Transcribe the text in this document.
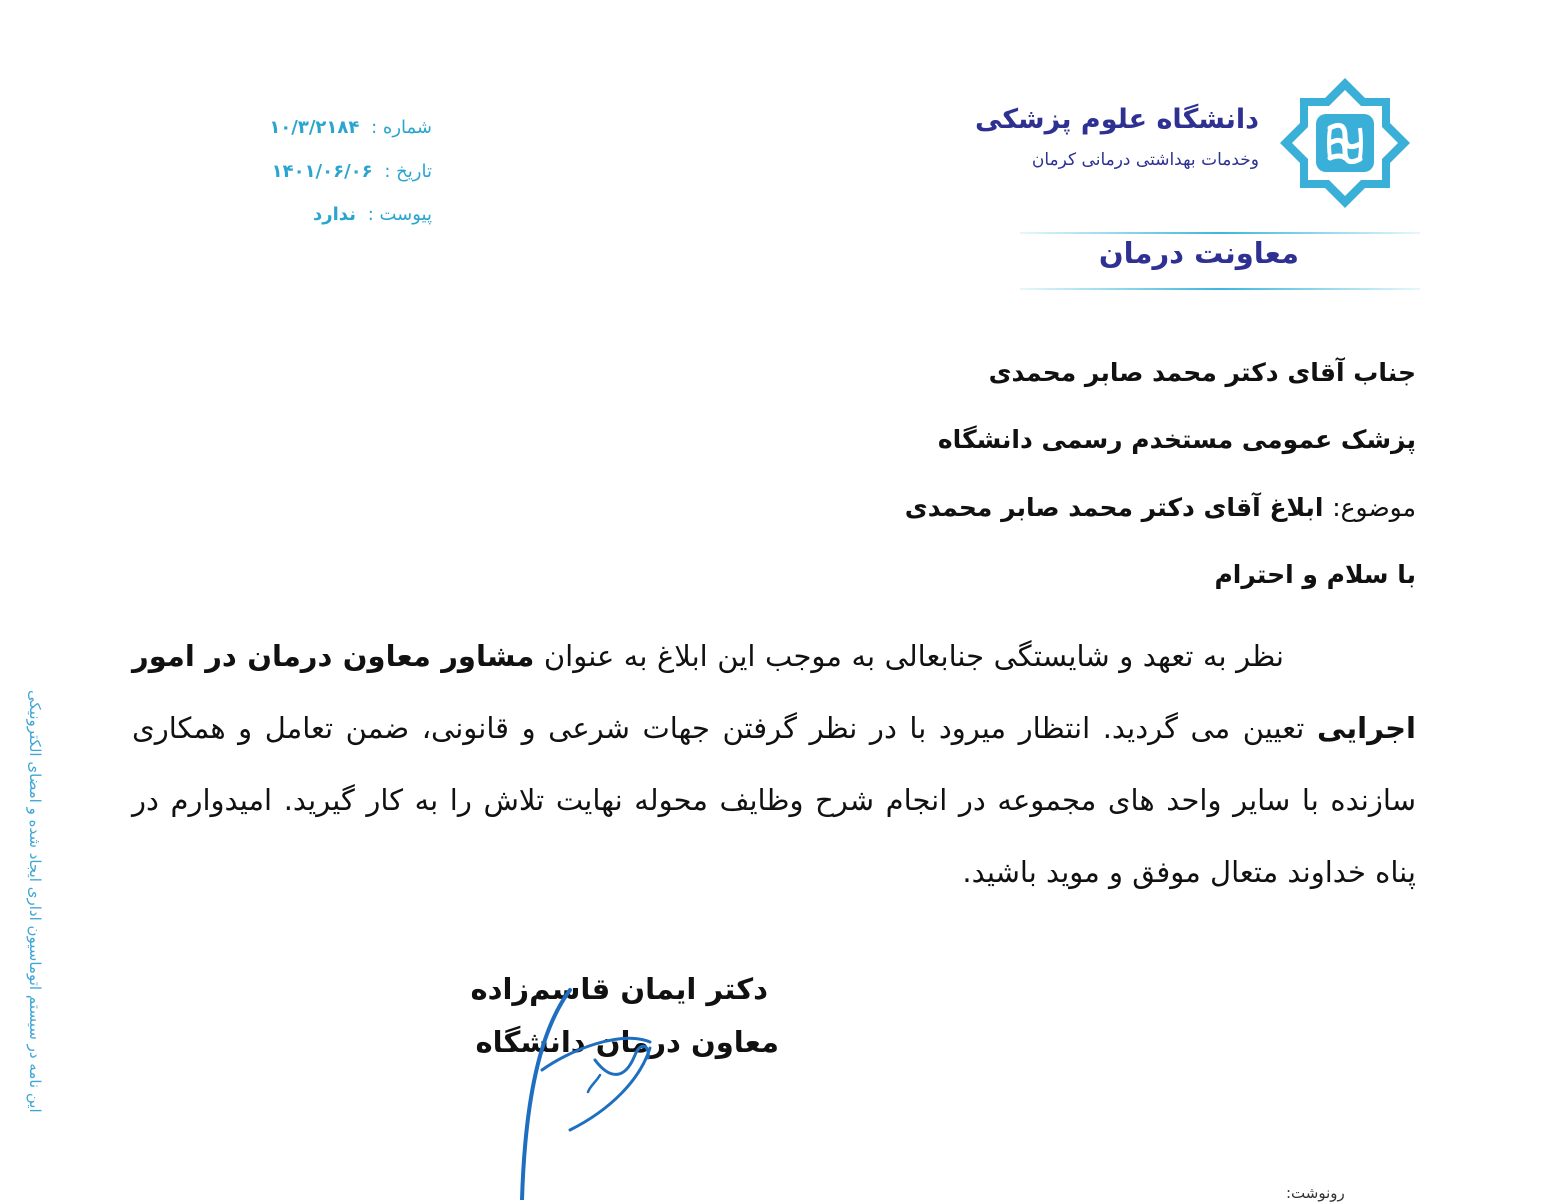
دانشگاه علوم پزشکی
وخدمات بهداشتی درمانی کرمان
معاونت درمان
شماره : ۱۰/۳/۲۱۸۴
تاریخ : ۱۴۰۱/۰۶/۰۶
پیوست : ندارد
جناب آقای دکتر محمد صابر محمدی
پزشک عمومی مستخدم رسمی دانشگاه
موضوع: ابلاغ آقای دکتر محمد صابر محمدی
با سلام و احترام
نظر به تعهد و شایستگی جنابعالی به موجب این ابلاغ به عنوان مشاور معاون درمان در امور اجرایی تعیین می گردید. انتظار میرود با در نظر گرفتن جهات شرعی و قانونی، ضمن تعامل و همکاری سازنده با سایر واحد های مجموعه در انجام شرح وظایف محوله نهایت تلاش را به کار گیرید. امیدوارم در پناه خداوند متعال موفق و موید باشید.
دکتر ایمان قاسم‌زاده
معاون درمان دانشگاه
این نامه در سیستم اتوماسیون اداری ایجاد شده و امضای الکترونیکی
رونوشت:
